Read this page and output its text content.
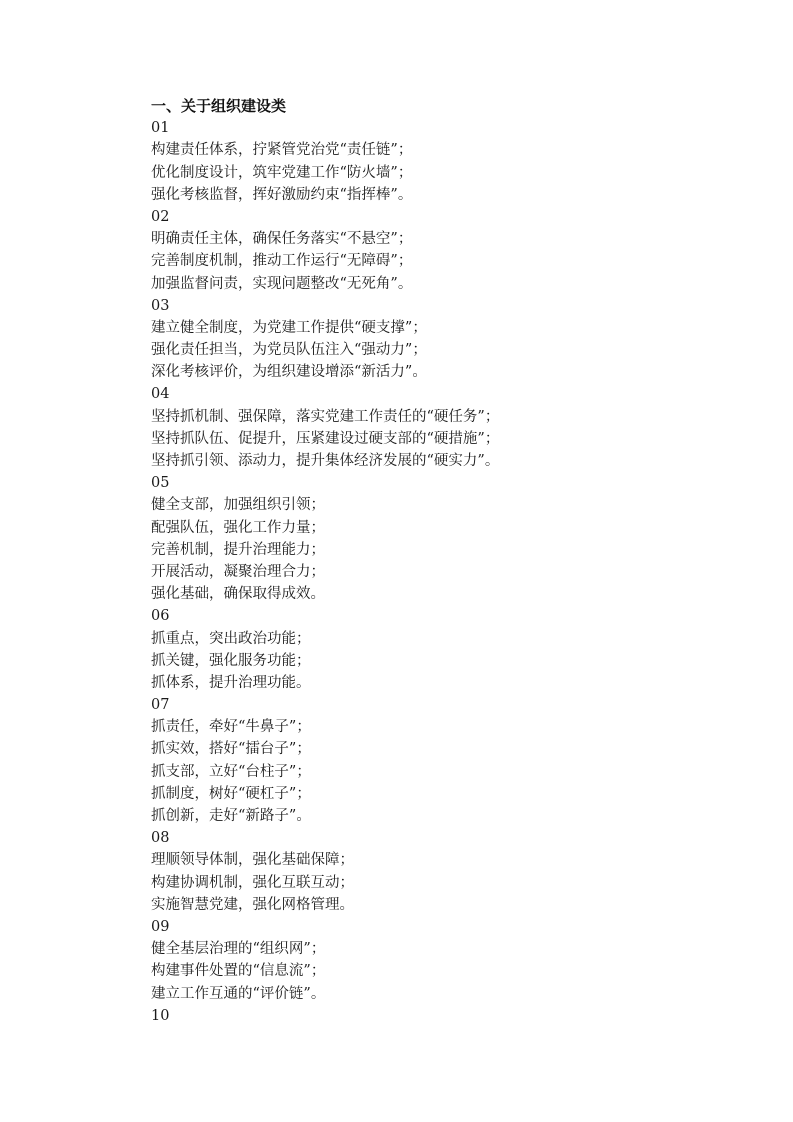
一、关于组织建设类
01
构建责任体系，拧紧管党治党“责任链”；
优化制度设计，筑牢党建工作“防火墙”；
强化考核监督，挥好激励约束“指挥棒”。
02
明确责任主体，确保任务落实“不悬空”；
完善制度机制，推动工作运行“无障碍”；
加强监督问责，实现问题整改“无死角”。
03
建立健全制度，为党建工作提供“硬支撑”；
强化责任担当，为党员队伍注入“强动力”；
深化考核评价，为组织建设增添“新活力”。
04
坚持抓机制、强保障，落实党建工作责任的“硬任务”；
坚持抓队伍、促提升，压紧建设过硬支部的“硬措施”；
坚持抓引领、添动力，提升集体经济发展的“硬实力”。
05
健全支部，加强组织引领；
配强队伍，强化工作力量；
完善机制，提升治理能力；
开展活动，凝聚治理合力；
强化基础，确保取得成效。
06
抓重点，突出政治功能；
抓关键，强化服务功能；
抓体系，提升治理功能。
07
抓责任，牵好“牛鼻子”；
抓实效，搭好“擂台子”；
抓支部，立好“台柱子”；
抓制度，树好“硬杠子”；
抓创新，走好“新路子”。
08
理顺领导体制，强化基础保障；
构建协调机制，强化互联互动；
实施智慧党建，强化网格管理。
09
健全基层治理的“组织网”；
构建事件处置的“信息流”；
建立工作互通的“评价链”。
10
